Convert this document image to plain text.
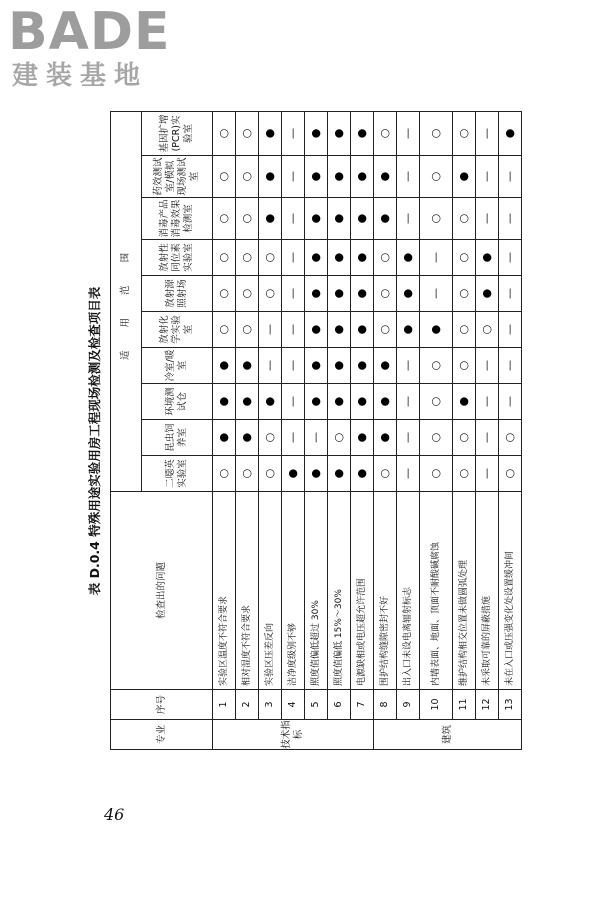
BADE
建装基地
表 D.0.4 特殊用途实验用房工程现场检测及检查项目表
专业	序号	检查出的问题	适 用 范 围									
			二噁英实验室	昆虫饲养室	环境测试仓	冷室/暖室	放射化学实验室	放射源照射场	放射性同位素实验室	消毒产品消毒效果检测室	药效测试室/模拟现场测试室	基因扩增(PCR)实验室
技术指标	1	实验区温度不符合要求	○	●	●	●	○	○	○	○	○	○
	2	相对湿度不符合要求	○	●	●	●	○	○	○	○	○	○
	3	实验区压差反向	○	○	●	—	—	○	○	●	●	●
	4	洁净度级别不够	●	—	—	—	—	—	—	—	—	—
	5	照度值偏低超过 30%	●	—	●	●	●	●	●	●	●	●
	6	照度值偏低 15%～30%	●	○	●	●	●	●	●	●	●	●
	7	电源缺相或电压超允许范围	●	●	●	●	●	●	●	●	●	●
建筑	8	围护结构缝隙密封不好	○	●	●	●	○	○	○	●	●	○
	9	出入口未设电离辐射标志	—	—	—	—	●	●	●	—	—	—
	10	内墙表面、地面、顶面不耐酸碱腐蚀	○	○	○	○	●	—	—	○	○	○
	11	维护结构相交位置未做圆弧处理	○	○	●	○	○	○	○	○	●	○
	12	未采取可靠的屏蔽措施	—	—	—	—	○	●	●	—	—	—
	13	未在入口或压强变化处设置缓冲间	○	○	—	—	—	—	—	—	—	●
46
